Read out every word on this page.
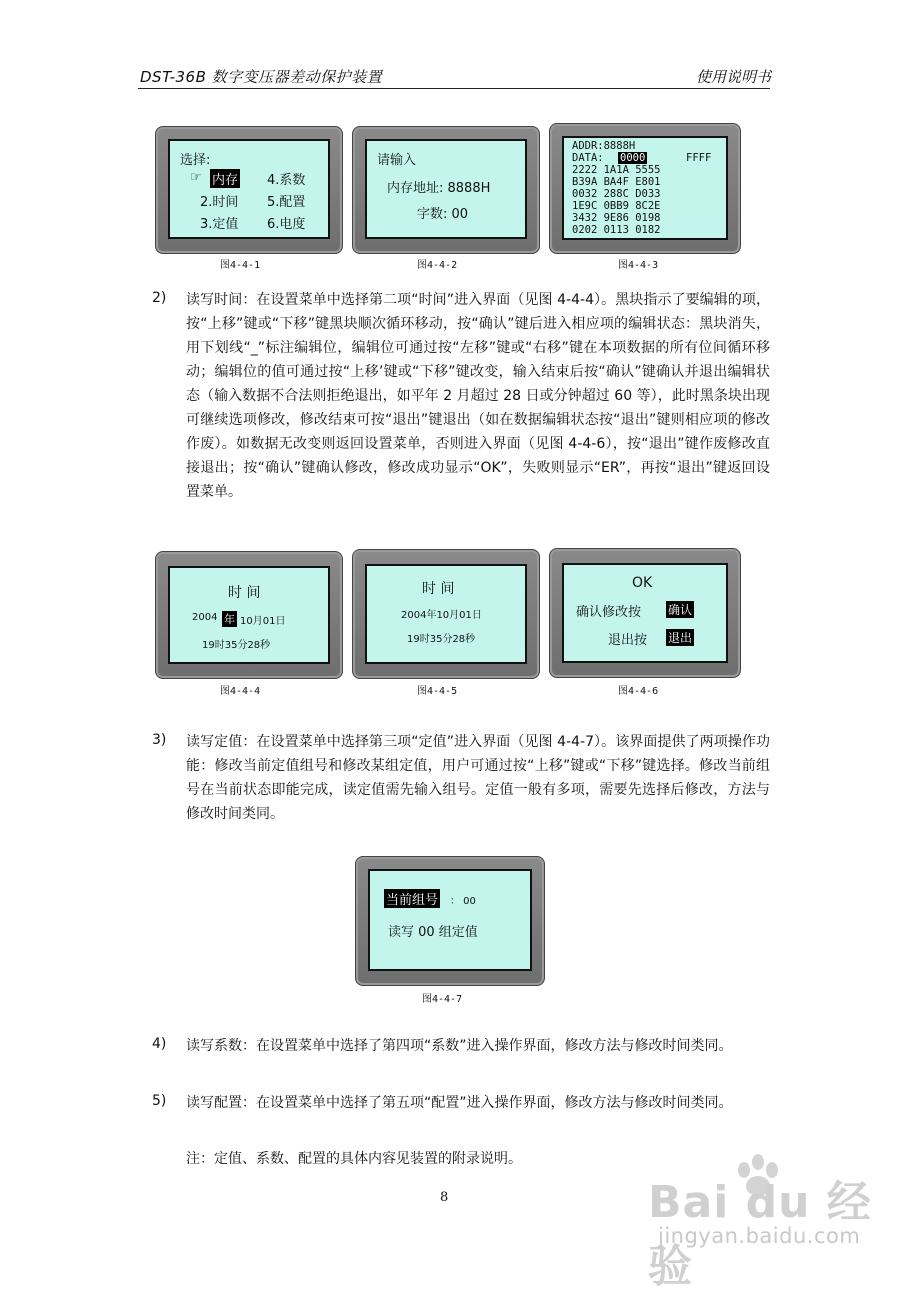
DST-36B 数字变压器差动保护装置	使用说明书
选择:
☞ 内存
2.时间
3.定值
4.系数
5.配置
6.电度
图4-4-1
请输入
内存地址: 8888H
字数: 00
图4-4-2
ADDR:8888H
DATA: 0000	FFFF
2222 1A1A 5555
B39A BA4F E801
0032 288C D033
1E9C 0BB9 8C2E
3432 9E86 0198
0202 0113 0182
图4-4-3
2) 读写时间：在设置菜单中选择第二项“时间”进入界面（见图 4-4-4）。黑块指示了要编辑的项，按“上移”键或“下移”键黑块顺次循环移动，按“确认”键后进入相应项的编辑状态：黑块消失，用下划线“_”标注编辑位，编辑位可通过按“左移”键或“右移”键在本项数据的所有位间循环移动；编辑位的值可通过按“上移’键或“下移”键改变，输入结束后按“确认”键确认并退出编辑状态（输入数据不合法则拒绝退出，如平年 2 月超过 28 日或分钟超过 60 等），此时黑条块出现可继续选项修改，修改结束可按“退出”键退出（如在数据编辑状态按“退出”键则相应项的修改作废）。如数据无改变则返回设置菜单，否则进入界面（见图 4-4-6），按“退出”键作废修改直接退出；按“确认”键确认修改，修改成功显示“OK”，失败则显示“ER”，再按“退出”键返回设置菜单。
时 间
2004 年 10月01日
19时35分28秒
图4-4-4
时 间
2004年10月01日
19时35分28秒
图4-4-5
OK
确认修改按 确认
退出按 退出
图4-4-6
3) 读写定值：在设置菜单中选择第三项“定值”进入界面（见图 4-4-7）。该界面提供了两项操作功能：修改当前定值组号和修改某组定值，用户可通过按“上移”键或“下移”键选择。修改当前组号在当前状态即能完成，读定值需先输入组号。定值一般有多项，需要先选择后修改，方法与修改时间类同。
当前组号 ： 00
读写 00 组定值
图4-4-7
4) 读写系数：在设置菜单中选择了第四项“系数”进入操作界面，修改方法与修改时间类同。
5) 读写配置：在设置菜单中选择了第五项“配置”进入操作界面，修改方法与修改时间类同。
注：定值、系数、配置的具体内容见装置的附录说明。
8	Bai du 经验
jingyan.baidu.com
